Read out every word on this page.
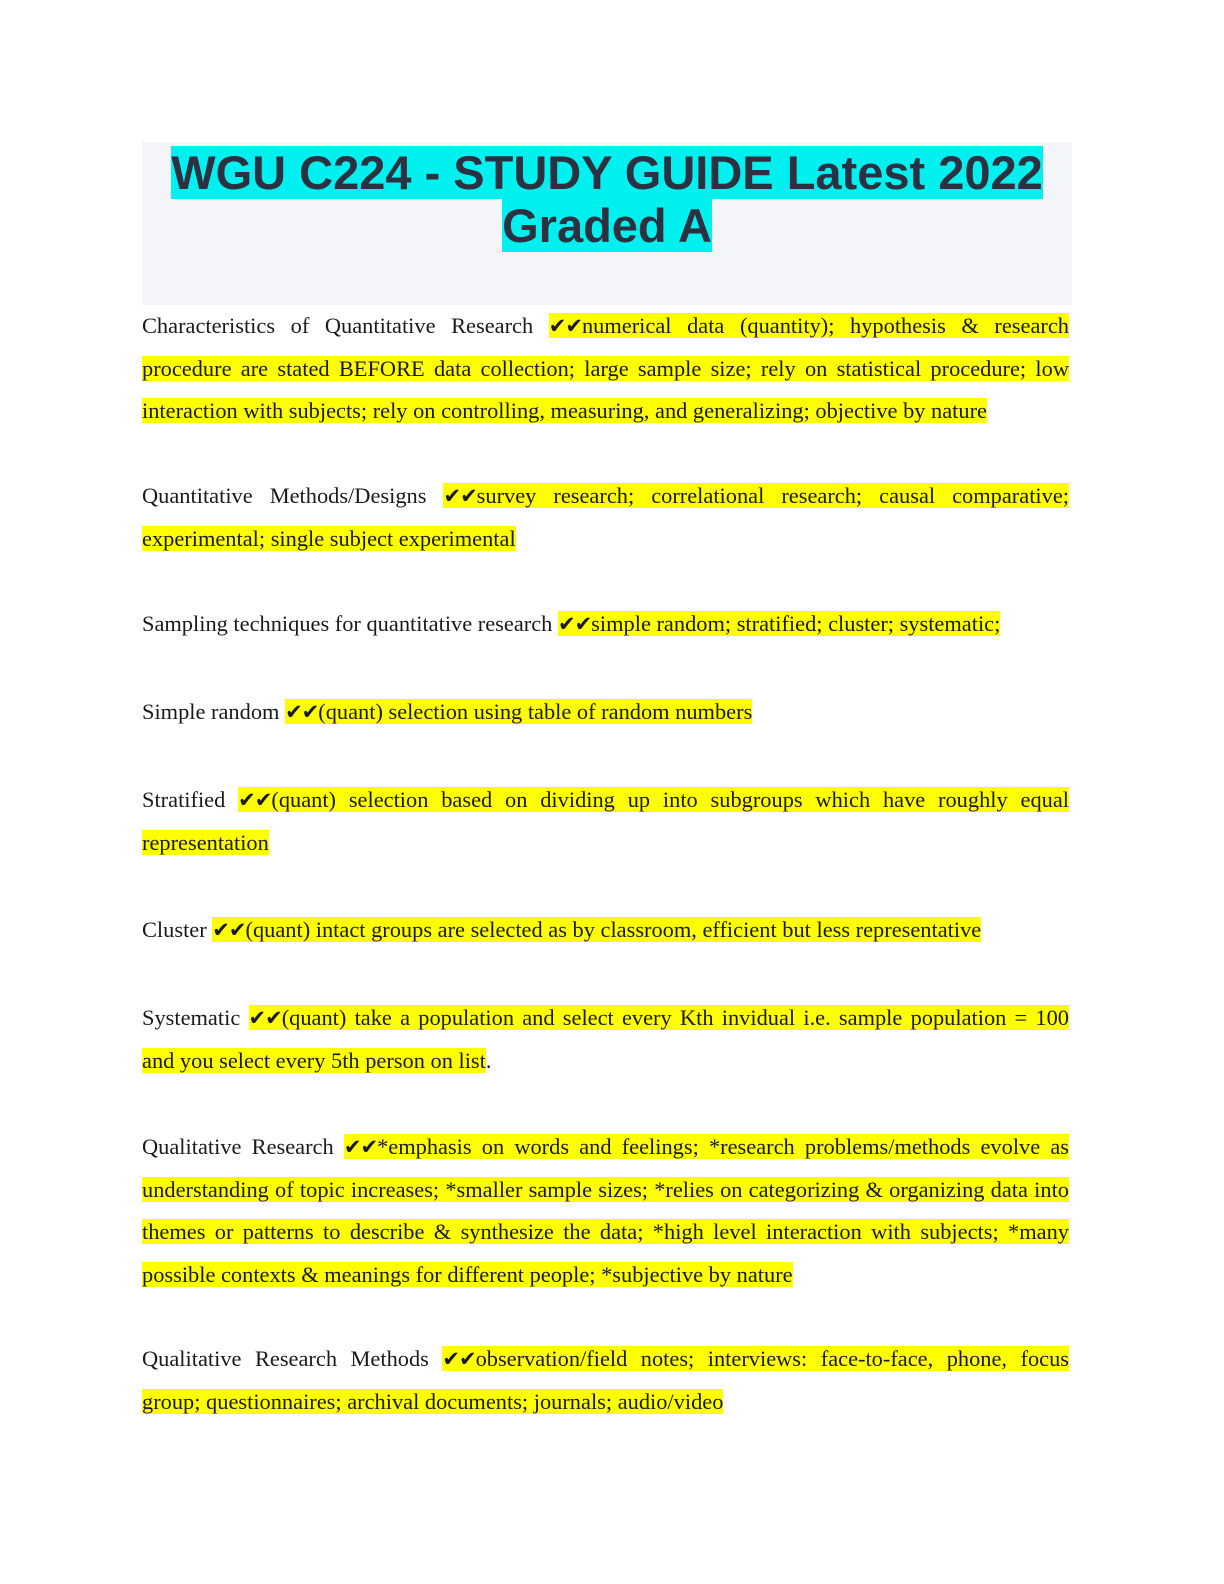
WGU C224 - STUDY GUIDE Latest 2022
Graded A

Characteristics of Quantitative Research ✔✔numerical data (quantity); hypothesis & research procedure are stated BEFORE data collection; large sample size; rely on statistical procedure; low interaction with subjects; rely on controlling, measuring, and generalizing; objective by nature

Quantitative Methods/Designs ✔✔survey research; correlational research; causal comparative; experimental; single subject experimental

Sampling techniques for quantitative research ✔✔simple random; stratified; cluster; systematic;

Simple random ✔✔(quant) selection using table of random numbers

Stratified ✔✔(quant) selection based on dividing up into subgroups which have roughly equal representation

Cluster ✔✔(quant) intact groups are selected as by classroom, efficient but less representative

Systematic ✔✔(quant) take a population and select every Kth invidual i.e. sample population = 100 and you select every 5th person on list.

Qualitative Research ✔✔*emphasis on words and feelings; *research problems/methods evolve as understanding of topic increases; *smaller sample sizes; *relies on categorizing & organizing data into themes or patterns to describe & synthesize the data; *high level interaction with subjects; *many possible contexts & meanings for different people; *subjective by nature

Qualitative Research Methods ✔✔observation/field notes; interviews: face-to-face, phone, focus group; questionnaires; archival documents; journals; audio/video
